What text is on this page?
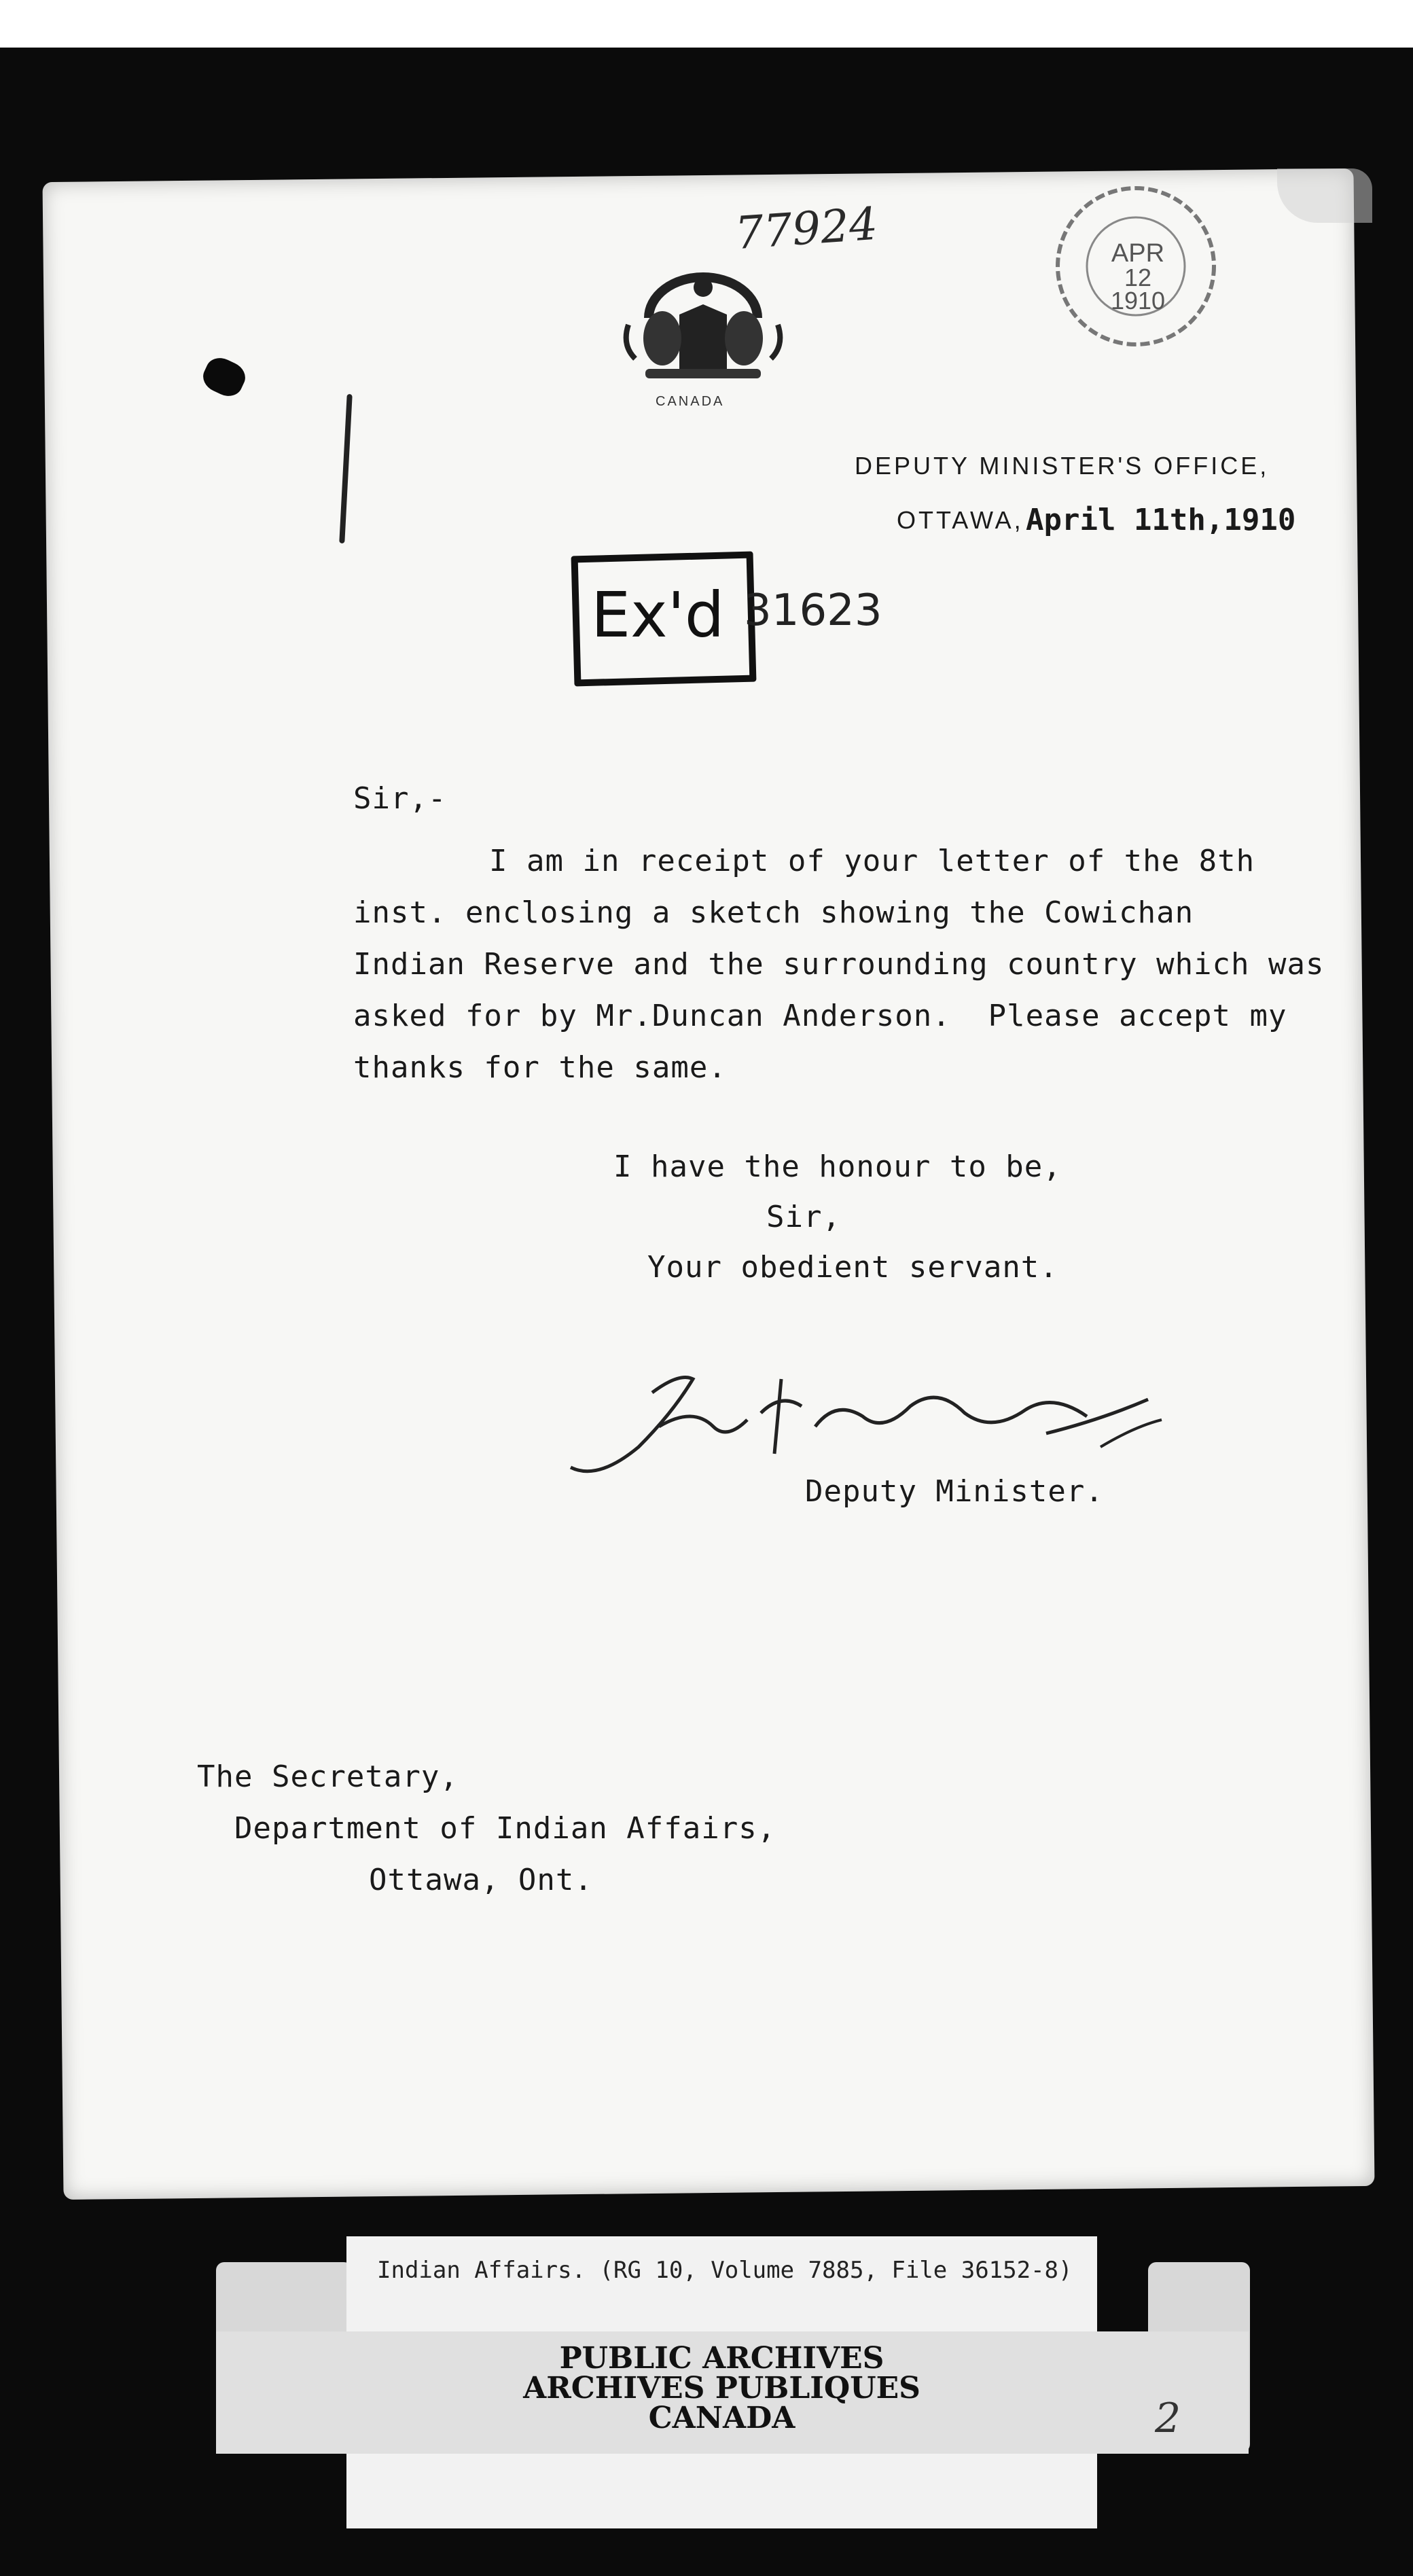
77924
CANADA
APR
12
1910
DEPUTY MINISTER'S OFFICE,
OTTAWA, April 11th,1910
Ex'd 31623
Sir,-
I am in receipt of your letter of the 8th
inst. enclosing a sketch showing the Cowichan
Indian Reserve and the surrounding country which was
asked for by Mr.Duncan Anderson.  Please accept my
thanks for the same.
I have the honour to be,
Sir,
Your obedient servant.
Deputy Minister.
The Secretary,
Department of Indian Affairs,
Ottawa, Ont.
Indian Affairs. (RG 10, Volume 7885, File 36152-8)
PUBLIC ARCHIVES
ARCHIVES PUBLIQUES
CANADA	2
